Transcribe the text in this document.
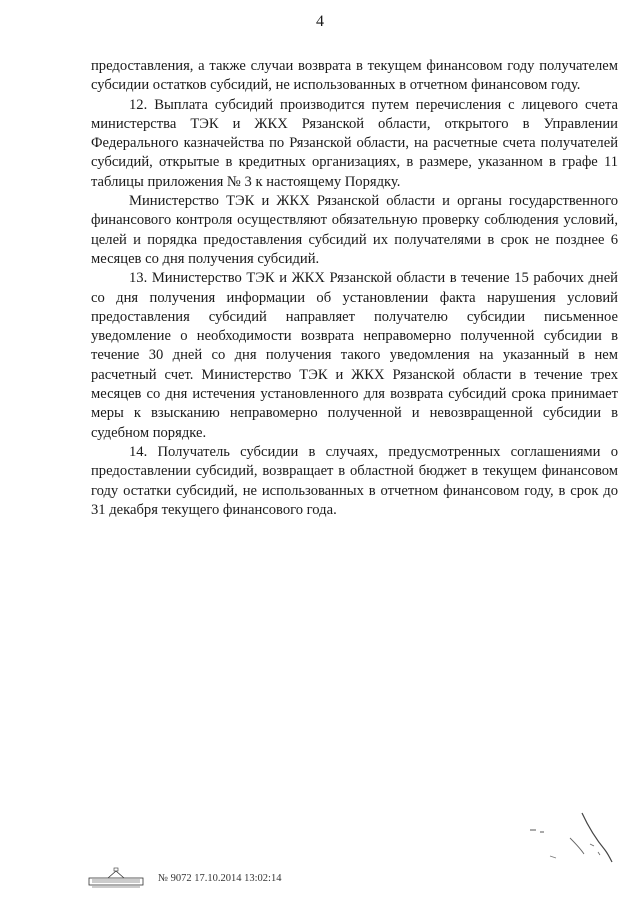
4

предоставления, а также случаи возврата в текущем финансовом году получателем субсидии остатков субсидий, не использованных в отчетном финансовом году.

12. Выплата субсидий производится путем перечисления с лицевого счета министерства ТЭК и ЖКХ Рязанской области, открытого в Управлении Федерального казначейства по Рязанской области, на расчетные счета получателей субсидий, открытые в кредитных организациях, в размере, указанном в графе 11 таблицы приложения № 3 к настоящему Порядку.

Министерство ТЭК и ЖКХ Рязанской области и органы государственного финансового контроля осуществляют обязательную проверку соблюдения условий, целей и порядка предоставления субсидий их получателями в срок не позднее 6 месяцев со дня получения субсидий.

13. Министерство ТЭК и ЖКХ Рязанской области в течение 15 рабочих дней со дня получения информации об установлении факта нарушения условий предоставления субсидий направляет получателю субсидии письменное уведомление о необходимости возврата неправомерно полученной субсидии в течение 30 дней со дня получения такого уведомления на указанный в нем расчетный счет. Министерство ТЭК и ЖКХ Рязанской области в течение трех месяцев со дня истечения установленного для возврата субсидий срока принимает меры к взысканию неправомерно полученной и невозвращенной субсидии в судебном порядке.

14. Получатель субсидии в случаях, предусмотренных соглашениями о предоставлении субсидий, возвращает в областной бюджет в текущем финансовом году остатки субсидий, не использованных в отчетном финансовом году, в срок до 31 декабря текущего финансового года.

№ 9072 17.10.2014 13:02:14
